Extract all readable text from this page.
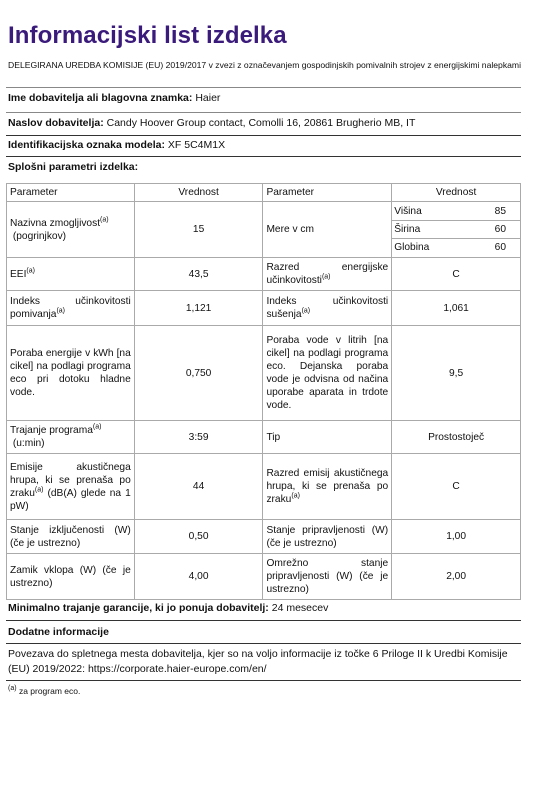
Informacijski list izdelka
DELEGIRANA UREDBA KOMISIJE (EU) 2019/2017 v zvezi z označevanjem gospodinjskih pomivalnih strojev z energijskimi nalepkami
Ime dobavitelja ali blagovna znamka: Haier
Naslov dobavitelja: Candy Hoover Group contact, Comolli 16, 20861 Brugherio MB, IT
Identifikacijska oznaka modela: XF 5C4M1X
Splošni parametri izdelka:
Parameter	Vrednost	Parameter	Vrednost
Nazivna zmogljivost$^{(a)}$
(pogrinjkov)	15	Mere v cm	
Višina	85
Širina	60
Globina	60

EEI$^{(a)}$	43,5	Razred energijske učinkovitosti$^{(a)}$	C
Indeks učinkovitosti pomivanja$^{(a)}$	1,121	Indeks učinkovitosti sušenja$^{(a)}$	1,061
Poraba energije v kWh [na cikel] na podlagi programa eco pri dotoku hladne vode.	0,750	Poraba vode v litrih [na cikel] na podlagi programa eco. Dejanska poraba vode je odvisna od načina uporabe aparata in trdote vode.	9,5
Trajanje programa$^{(a)}$
(u:min)	3:59	Tip	Prostostoječ
Emisije akustičnega hrupa, ki se prenaša po zraku$^{(a)}$ (dB(A) glede na 1 pW)	44	Razred emisij akustičnega hrupa, ki se prenaša po zraku$^{(a)}$	C
Stanje izključenosti (W) (če je ustrezno)	0,50	Stanje pripravljenosti (W) (če je ustrezno)	1,00
Zamik vklopa (W) (če je ustrezno)	4,00	Omrežno stanje pripravljenosti (W) (če je ustrezno)	2,00
Minimalno trajanje garancije, ki jo ponuja dobavitelj: 24 mesecev
Dodatne informacije
Povezava do spletnega mesta dobavitelja, kjer so na voljo informacije iz točke 6 Priloge II k Uredbi Komisije (EU) 2019/2022: https://corporate.haier-europe.com/en/
$^{(a)}$ za program eco.
